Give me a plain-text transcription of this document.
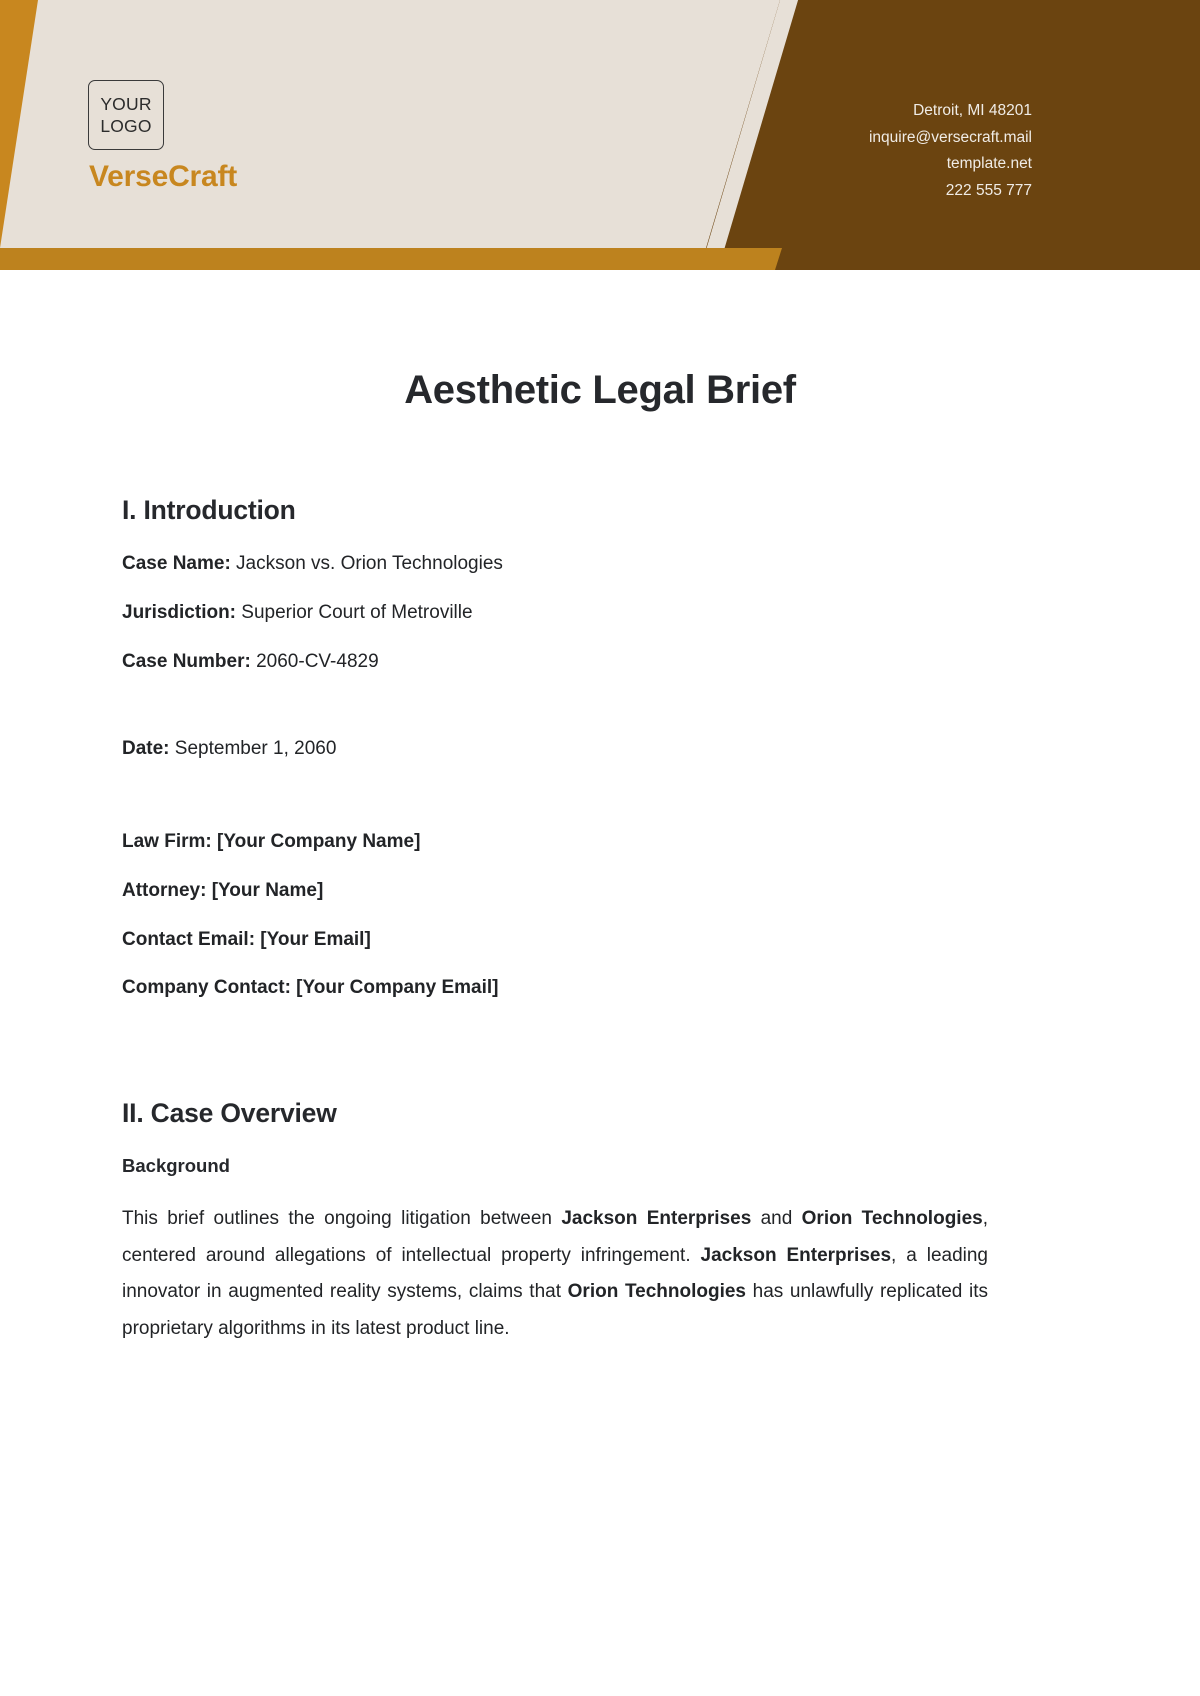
YOUR
LOGO
VerseCraft
Detroit, MI 48201
inquire@versecraft.mail
template.net
222 555 777
Aesthetic Legal Brief
I. Introduction

Case Name: Jackson vs. Orion Technologies

Jurisdiction: Superior Court of Metroville

Case Number: 2060-CV-4829

Date: September 1, 2060

Law Firm: [Your Company Name]

Attorney: [Your Name]

Contact Email: [Your Email]

Company Contact: [Your Company Email]

II. Case Overview
Background

This brief outlines the ongoing litigation between Jackson Enterprises and Orion Technologies, centered around allegations of intellectual property infringement. Jackson Enterprises, a leading innovator in augmented reality systems, claims that Orion Technologies has unlawfully replicated its proprietary algorithms in its latest product line.
